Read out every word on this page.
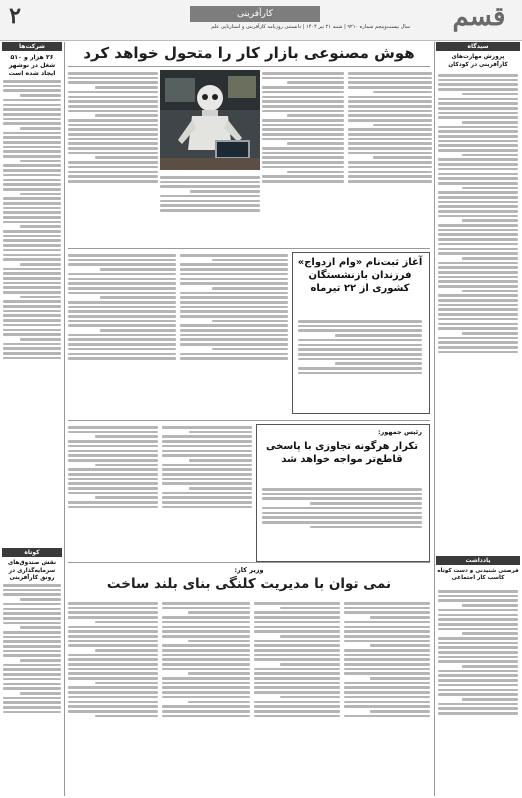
۲	کارآفرینی
سال بیست‌وپنجم شماره ۹۲۱۰ | شنبه ۲۱ تیر ۱۴۰۴ | دانستنی روزنامه کارآفرینی و استارتاپی علم	قسم
شرکت‌ها
۲۶ هزار و ۵۱۰ شغل در نوشهر ایجاد شده است
کوتاه
نقش صندوق‌های سرمایه‌گذاری در رونق کارآفرینی
سیدگاه
پرورش مهارت‌های کارآفرینی در کودکان
یادداشت
فرصتی شنیدنی و دست کوتاه کاسب کار اجتماعی
هوش مصنوعی بازار کار را متحول خواهد کرد
آغاز ثبت‌نام «وام ازدواج» فرزندان بازنشستگان کشوری از ۲۲ تیرماه
رئیس جمهور:
تکرار هرگونه تجاوزی با پاسخی قاطع‌تر مواجه خواهد شد
وزیر کار:
نمی توان با مدیریت کلنگی بنای بلند ساخت
